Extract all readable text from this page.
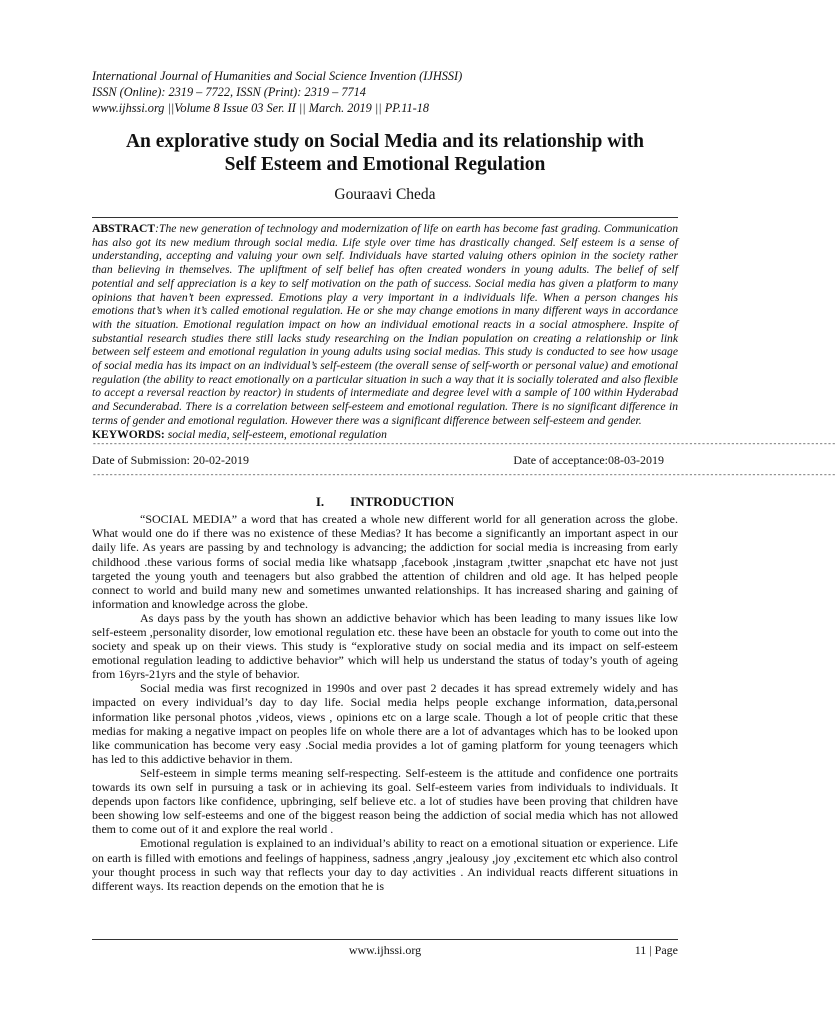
International Journal of Humanities and Social Science Invention (IJHSSI)
ISSN (Online): 2319 – 7722, ISSN (Print): 2319 – 7714
www.ijhssi.org ||Volume 8 Issue 03 Ser. II || March. 2019 || PP.11-18
An explorative study on Social Media and its relationship with
Self Esteem and Emotional Regulation
Gouraavi Cheda
ABSTRACT:The new generation of technology and modernization of life on earth has become fast grading. Communication has also got its new medium through social media. Life style over time has drastically changed. Self esteem is a sense of understanding, accepting and valuing your own self. Individuals have started valuing others opinion in the society rather than believing in themselves. The upliftment of self belief has often created wonders in young adults. The belief of self potential and self appreciation is a key to self motivation on the path of success. Social media has given a platform to many opinions that haven’t been expressed. Emotions play a very important in a individuals life. When a person changes his emotions that’s when it’s called emotional regulation. He or she may change emotions in many different ways in accordance with the situation. Emotional regulation impact on how an individual emotional reacts in a social atmosphere. Inspite of substantial research studies there still lacks study researching on the Indian population on creating a relationship or link between self esteem and emotional regulation in young adults using social medias. This study is conducted to see how usage of social media has its impact on an individual’s self-esteem (the overall sense of self-worth or personal value) and emotional regulation (the ability to react emotionally on a particular situation in such a way that it is socially tolerated and also flexible to accept a reversal reaction by reactor) in students of intermediate and degree level with a sample of 100 within Hyderabad and Secunderabad. There is a correlation between self-esteem and emotional regulation. There is no significant difference in terms of gender and emotional regulation. However there was a significant difference between self-esteem and gender.
KEYWORDS: social media, self-esteem, emotional regulation
---------------------------------------------------------------------------------------------------------------------------------------------------------------------------------
Date of Submission: 20-02-2019	Date of acceptance:08-03-2019
---------------------------------------------------------------------------------------------------------------------------------------------------------------------------------
I. INTRODUCTION

“SOCIAL MEDIA” a word that has created a whole new different world for all generation across the globe. What would one do if there was no existence of these Medias? It has become a significantly an important aspect in our daily life. As years are passing by and technology is advancing; the addiction for social media is increasing from early childhood .these various forms of social media like whatsapp ,facebook ,instagram ,twitter ,snapchat etc have not just targeted the young youth and teenagers but also grabbed the attention of children and old age. It has helped people connect to world and build many new and sometimes unwanted relationships. It has increased sharing and gaining of information and knowledge across the globe.

As days pass by the youth has shown an addictive behavior which has been leading to many issues like low self-esteem ,personality disorder, low emotional regulation etc. these have been an obstacle for youth to come out into the society and speak up on their views. This study is “explorative study on social media and its impact on self-esteem emotional regulation leading to addictive behavior” which will help us understand the status of today’s youth of ageing from 16yrs-21yrs and the style of behavior.

Social media was first recognized in 1990s and over past 2 decades it has spread extremely widely and has impacted on every individual’s day to day life. Social media helps people exchange information, data,personal information like personal photos ,videos, views , opinions etc on a large scale. Though a lot of people critic that these medias for making a negative impact on peoples life on whole there are a lot of advantages which has to be looked upon like communication has become very easy .Social media provides a lot of gaming platform for young teenagers which has led to this addictive behavior in them.

Self-esteem in simple terms meaning self-respecting. Self-esteem is the attitude and confidence one portraits towards its own self in pursuing a task or in achieving its goal. Self-esteem varies from individuals to individuals. It depends upon factors like confidence, upbringing, self believe etc. a lot of studies have been proving that children have been showing low self-esteems and one of the biggest reason being the addiction of social media which has not allowed them to come out of it and explore the real world .

Emotional regulation is explained to an individual’s ability to react on a emotional situation or experience. Life on earth is filled with emotions and feelings of happiness, sadness ,angry ,jealousy ,joy ,excitement etc which also control your thought process in such way that reflects your day to day activities . An individual reacts different situations in different ways. Its reaction depends on the emotion that he is

www.ijhssi.org	11 | Page
